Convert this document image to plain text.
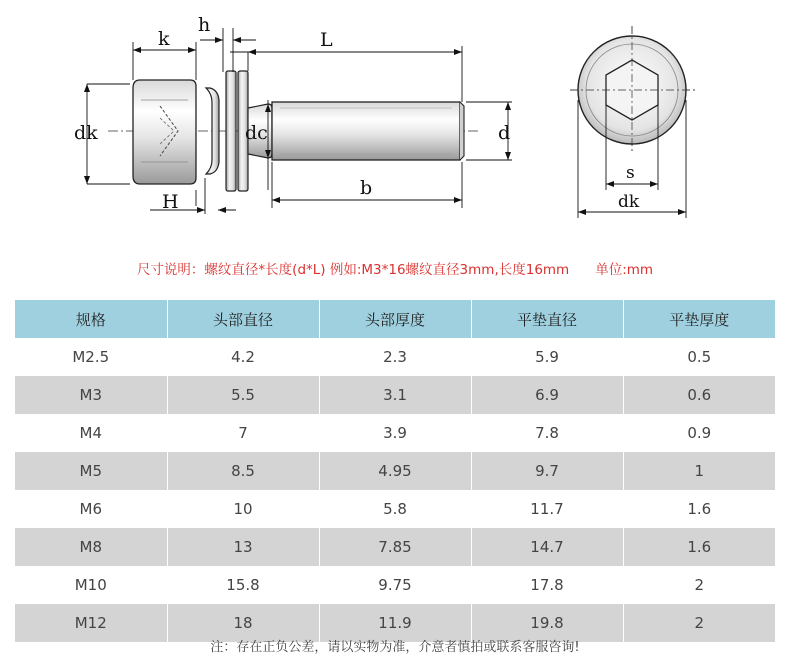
k
h
L
dk	dc	d
H
b
s
dk
尺寸说明：螺纹直径*长度(d*L) 例如:M3*16螺纹直径3mm,长度16mm 单位:mm
规格	头部直径	头部厚度	平垫直径	平垫厚度
M2.5	4.2	2.3	5.9	0.5
M3	5.5	3.1	6.9	0.6
M4	7	3.9	7.8	0.9
M5	8.5	4.95	9.7	1
M6	10	5.8	11.7	1.6
M8	13	7.85	14.7	1.6
M10	15.8	9.75	17.8	2
M12	18	11.9	19.8	2
注：存在正负公差，请以实物为准，介意者慎拍或联系客服咨询!
